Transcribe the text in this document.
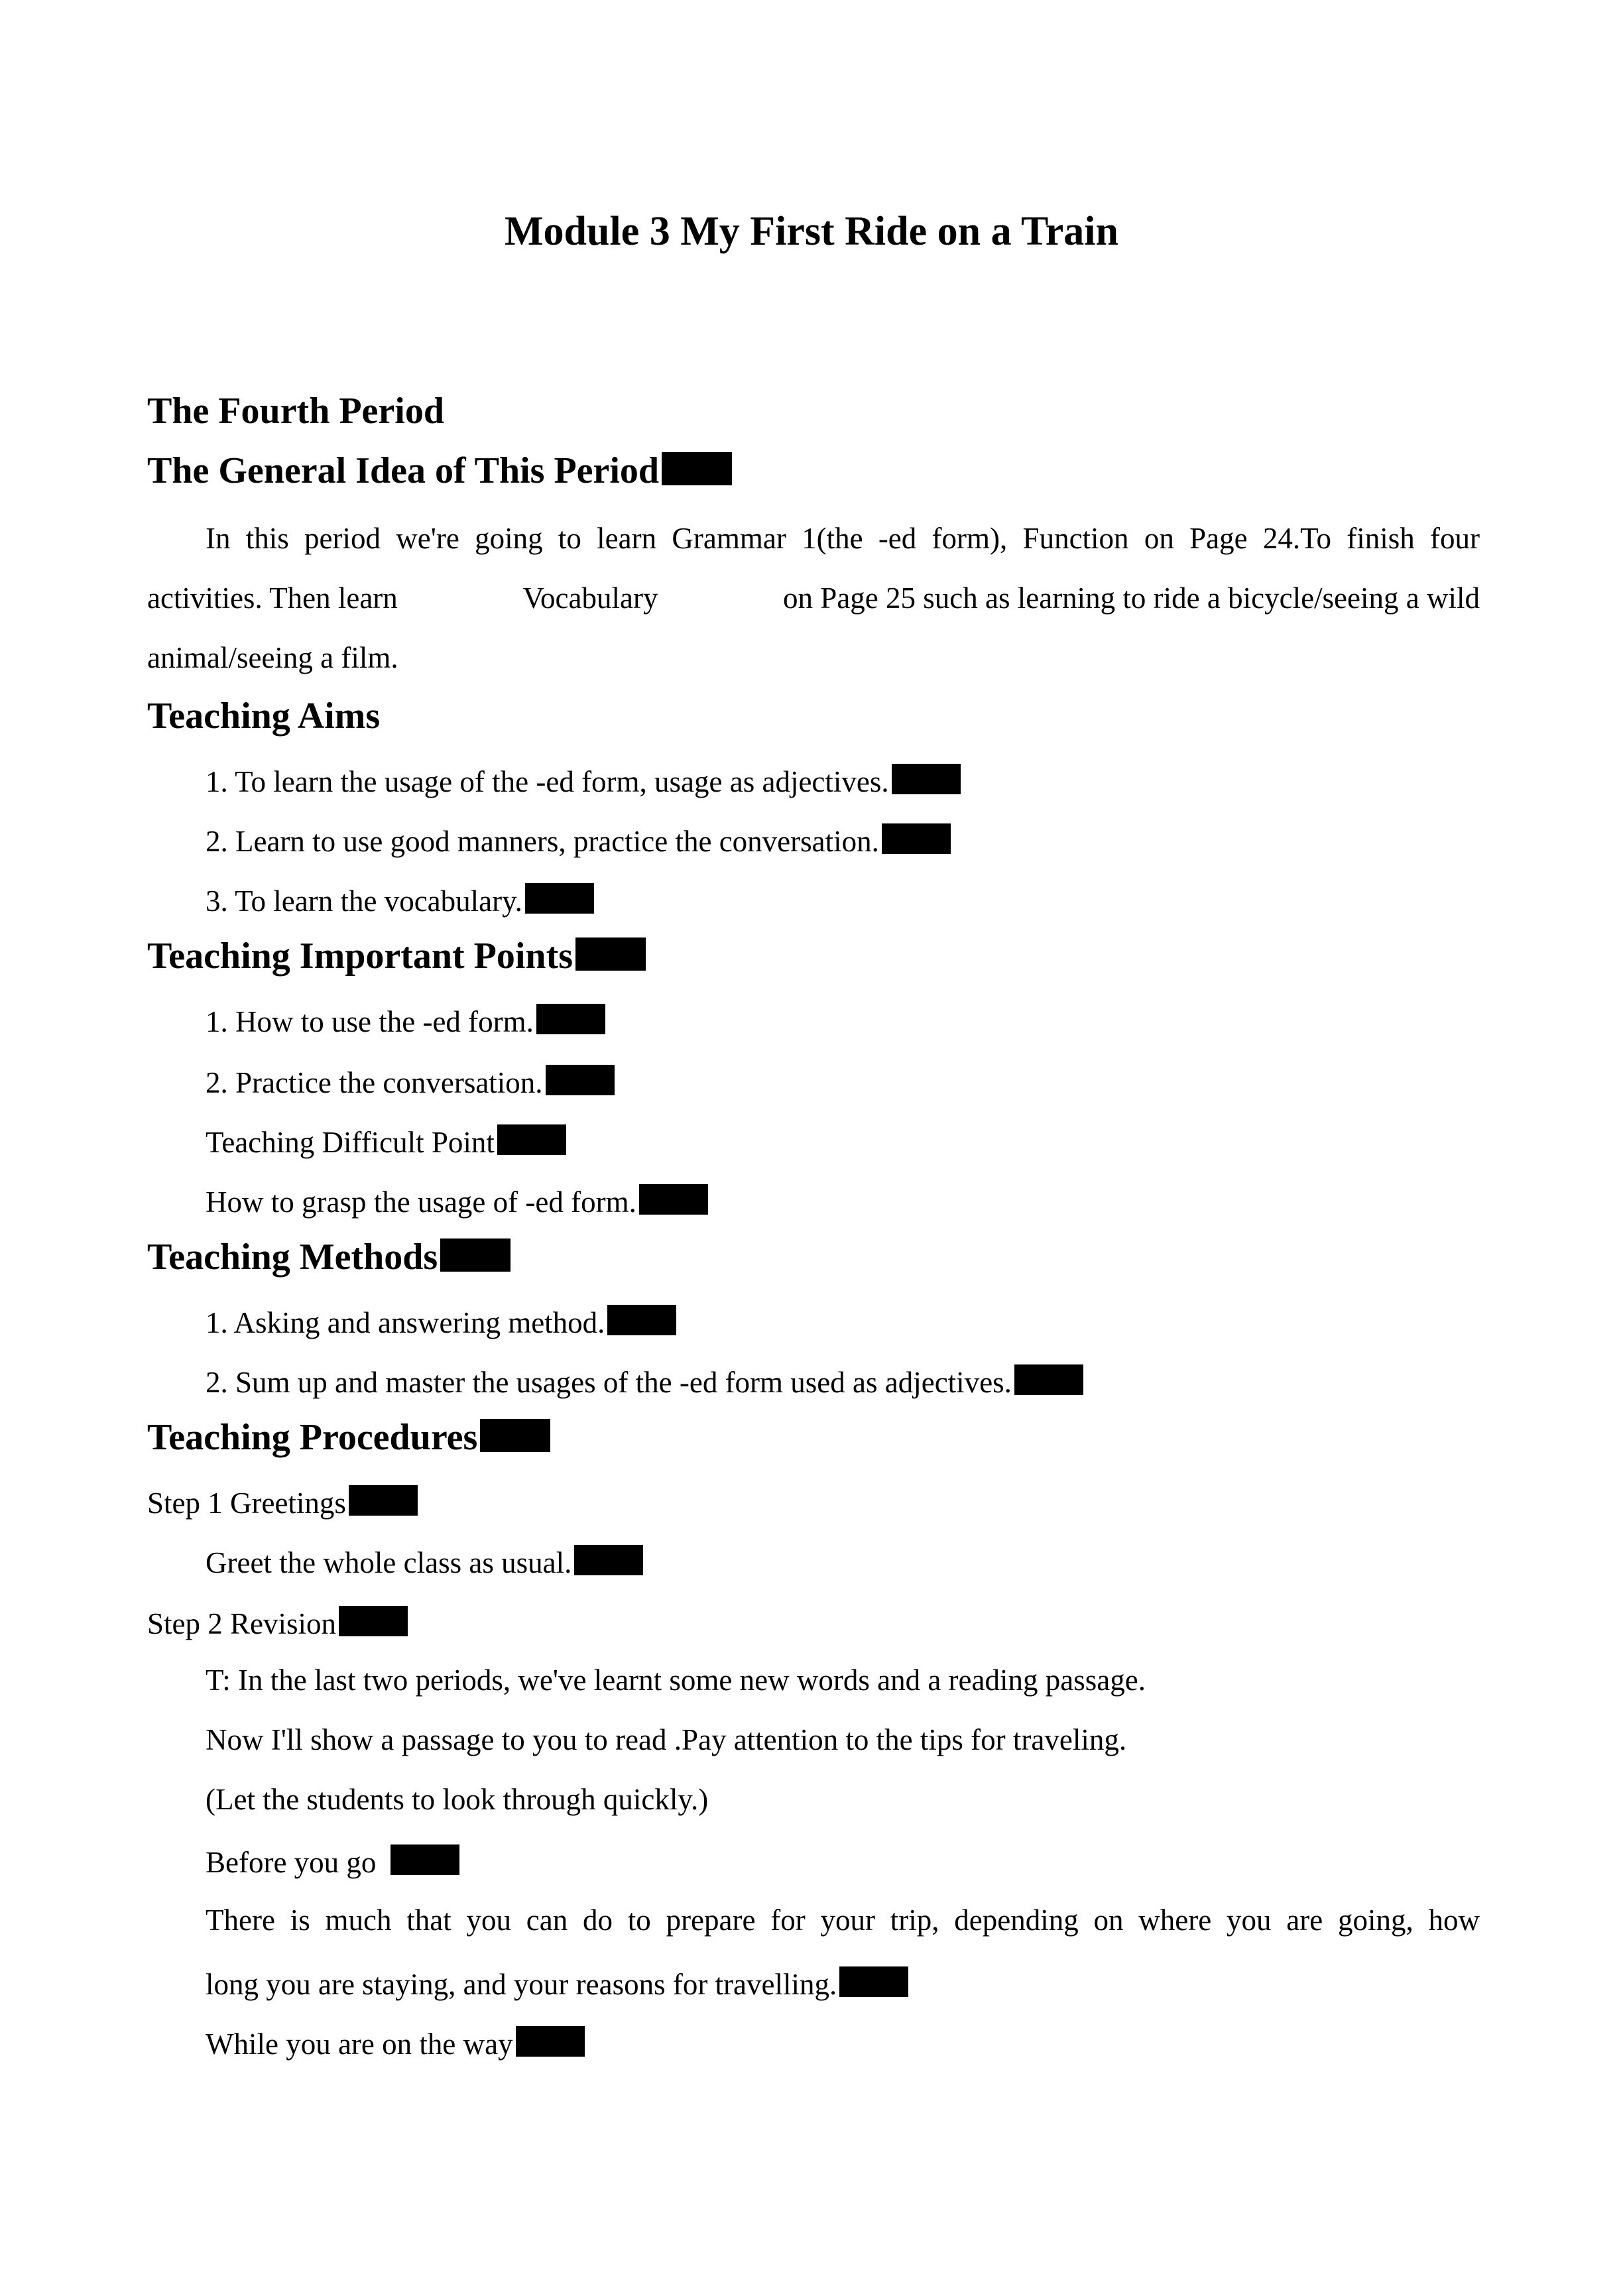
Module 3 My First Ride on a Train
The Fourth Period
The General Idea of This Period
In this period we're going to learn Grammar 1(the -ed form), Function on Page 24.To finish four
activities. Then learn	Vocabulary	on Page 25 such as learning to ride a bicycle/seeing a wild
animal/seeing a film.
Teaching Aims
1. To learn the usage of the -ed form, usage as adjectives.
2. Learn to use good manners, practice the conversation.
3. To learn the vocabulary.
Teaching Important Points
1. How to use the -ed form.
2. Practice the conversation.
Teaching Difficult Point
How to grasp the usage of -ed form.
Teaching Methods
1. Asking and answering method.
2. Sum up and master the usages of the -ed form used as adjectives.
Teaching Procedures
Step 1 Greetings
Greet the whole class as usual.
Step 2 Revision
T: In the last two periods, we've learnt some new words and a reading passage.
Now I'll show a passage to you to read .Pay attention to the tips for traveling.
(Let the students to look through quickly.)
Before you go
There is much that you can do to prepare for your trip, depending on where you are going, how
long you are staying, and your reasons for travelling.
While you are on the way
